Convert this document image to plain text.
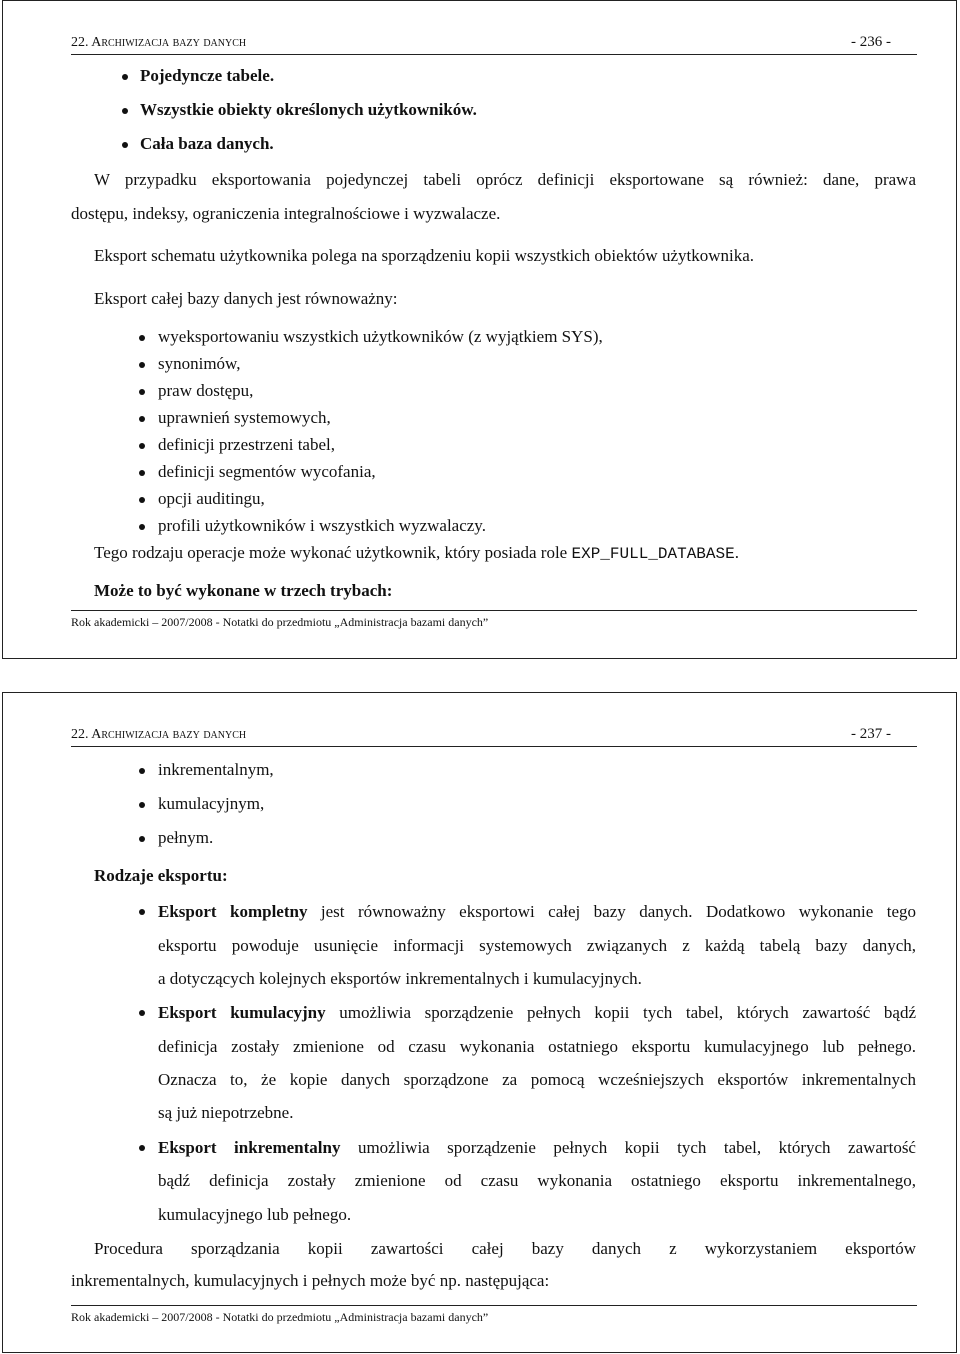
22. Archiwizacja bazy danych	- 236 -
Pojedyncze tabele.
Wszystkie obiekty określonych użytkowników.
Cała baza danych.
W przypadku eksportowania pojedynczej tabeli oprócz definicji eksportowane są również: dane, prawa
dostępu, indeksy, ograniczenia integralnościowe i wyzwalacze.
Eksport schematu użytkownika polega na sporządzeniu kopii wszystkich obiektów użytkownika.
Eksport całej bazy danych jest równoważny:
wyeksportowaniu wszystkich użytkowników (z wyjątkiem SYS),
synonimów,
praw dostępu,
uprawnień systemowych,
definicji przestrzeni tabel,
definicji segmentów wycofania,
opcji auditingu,
profili użytkowników i wszystkich wyzwalaczy.
Tego rodzaju operacje może wykonać użytkownik, który posiada role EXP_FULL_DATABASE.
Może to być wykonane w trzech trybach:
Rok akademicki – 2007/2008 - Notatki do przedmiotu „Administracja bazami danych”
22. Archiwizacja bazy danych	- 237 -
inkrementalnym,
kumulacyjnym,
pełnym.
Rodzaje eksportu:
Eksport kompletny jest równoważny eksportowi całej bazy danych. Dodatkowo wykonanie tego
eksportu powoduje usunięcie informacji systemowych związanych z każdą tabelą bazy danych,
a dotyczących kolejnych eksportów inkrementalnych i kumulacyjnych.
Eksport kumulacyjny umożliwia sporządzenie pełnych kopii tych tabel, których zawartość bądź
definicja zostały zmienione od czasu wykonania ostatniego eksportu kumulacyjnego lub pełnego.
Oznacza to, że kopie danych sporządzone za pomocą wcześniejszych eksportów inkrementalnych
są już niepotrzebne.
Eksport inkrementalny umożliwia sporządzenie pełnych kopii tych tabel, których zawartość
bądź definicja zostały zmienione od czasu wykonania ostatniego eksportu inkrementalnego,
kumulacyjnego lub pełnego.
Procedura sporządzania kopii zawartości całej bazy danych z wykorzystaniem eksportów
inkrementalnych, kumulacyjnych i pełnych może być np. następująca:
Rok akademicki – 2007/2008 - Notatki do przedmiotu „Administracja bazami danych”
